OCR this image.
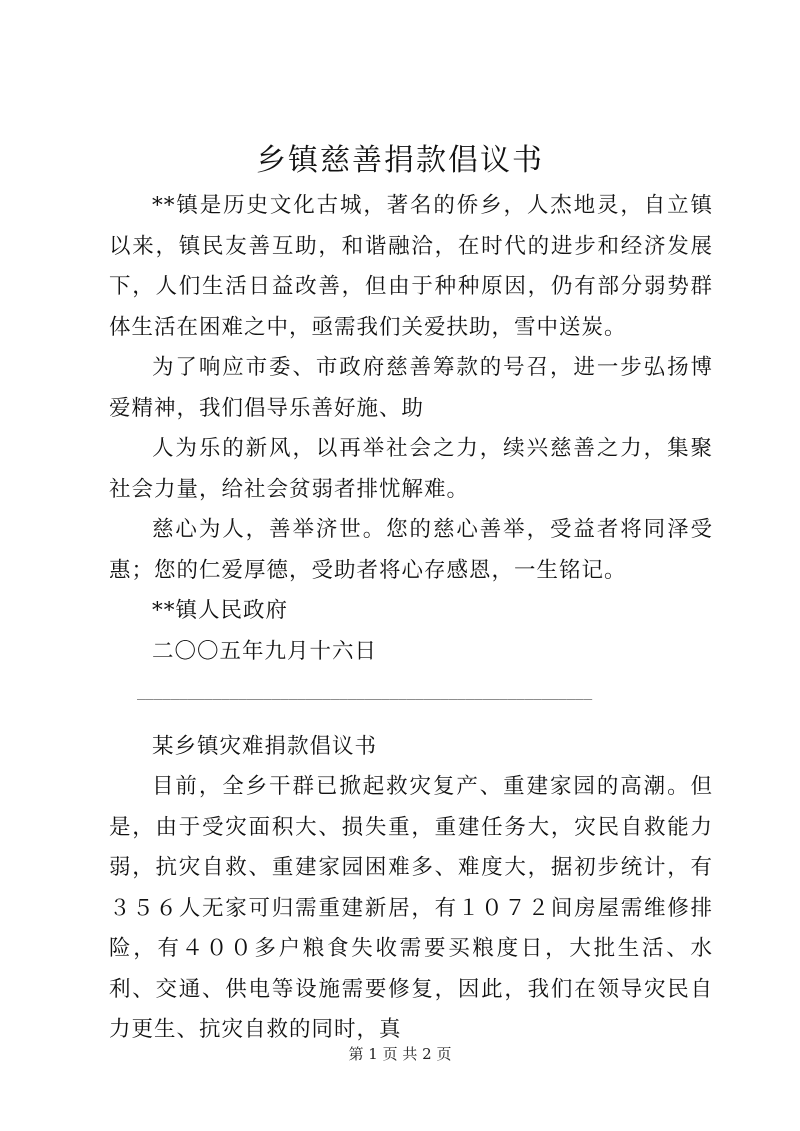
乡镇慈善捐款倡议书

**镇是历史文化古城，著名的侨乡，人杰地灵，自立镇以来，镇民友善互助，和谐融洽，在时代的进步和经济发展下，人们生活日益改善，但由于种种原因，仍有部分弱势群体生活在困难之中，亟需我们关爱扶助，雪中送炭。

为了响应市委、市政府慈善筹款的号召，进一步弘扬博爱精神，我们倡导乐善好施、助

人为乐的新风，以再举社会之力，续兴慈善之力，集聚社会力量，给社会贫弱者排忧解难。

慈心为人，善举济世。您的慈心善举，受益者将同泽受惠；您的仁爱厚德，受助者将心存感恩，一生铭记。

**镇人民政府

二〇〇五年九月十六日

______________________________________________________

某乡镇灾难捐款倡议书

目前，全乡干群已掀起救灾复产、重建家园的高潮。但是，由于受灾面积大、损失重，重建任务大，灾民自救能力弱，抗灾自救、重建家园困难多、难度大，据初步统计，有３５６人无家可归需重建新居，有１０７２间房屋需维修排险，有４００多户粮食失收需要买粮度日，大批生活、水利、交通、供电等设施需要修复，因此，我们在领导灾民自力更生、抗灾自救的同时，真

第 1 页 共 2 页
